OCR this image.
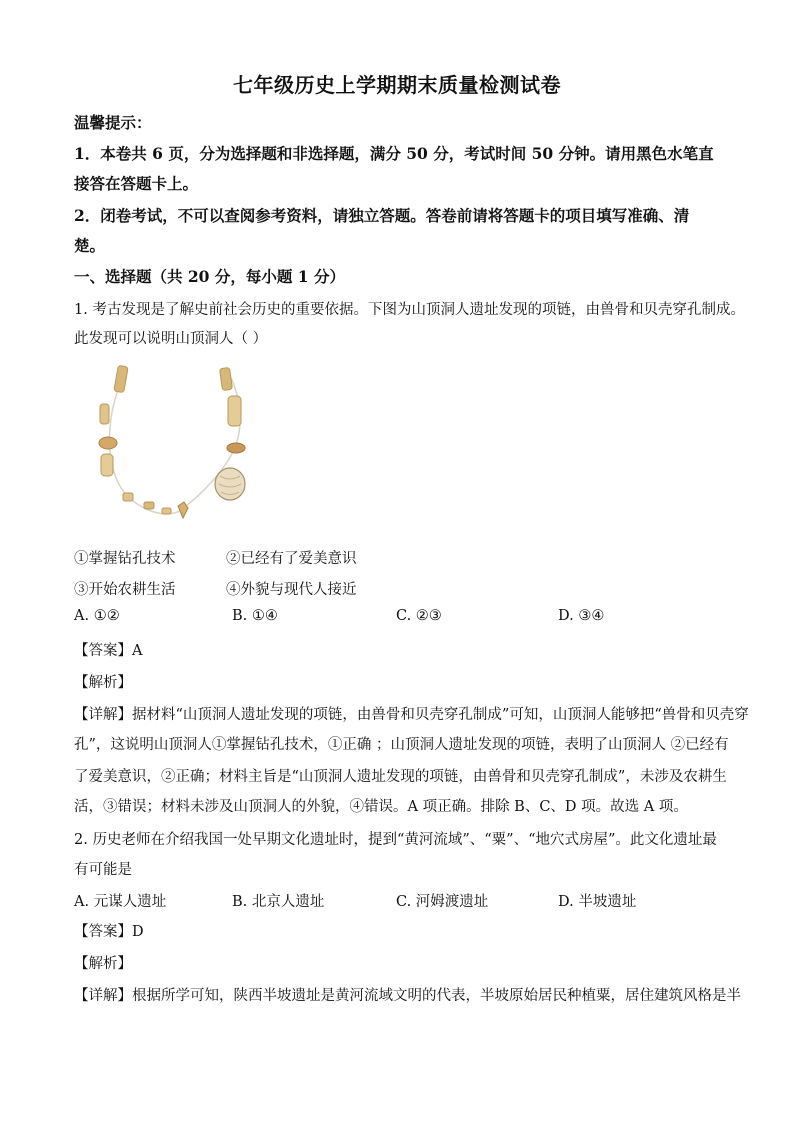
七年级历史上学期期末质量检测试卷
温馨提示：
1．本卷共 6 页，分为选择题和非选择题，满分 50 分，考试时间 50 分钟。请用黑色水笔直
接答在答题卡上。
2．闭卷考试，不可以查阅参考资料，请独立答题。答卷前请将答题卡的项目填写准确、清
楚。
一、选择题（共 20 分，每小题 1 分）
1. 考古发现是了解史前社会历史的重要依据。下图为山顶洞人遗址发现的项链，由兽骨和贝壳穿孔制成。
此发现可以说明山顶洞人（ ）
①掌握钻孔技术	②已经有了爱美意识
③开始农耕生活	④外貌与现代人接近
A. ①②	B. ①④	C. ②③	D. ③④
【答案】A
【解析】
【详解】据材料“山顶洞人遗址发现的项链，由兽骨和贝壳穿孔制成”可知，山顶洞人能够把“兽骨和贝壳穿
孔”，这说明山顶洞人①掌握钻孔技术，①正确 ；山顶洞人遗址发现的项链，表明了山顶洞人 ②已经有
了爱美意识，②正确；材料主旨是“山顶洞人遗址发现的项链，由兽骨和贝壳穿孔制成”，未涉及农耕生
活，③错误；材料未涉及山顶洞人的外貌，④错误。A 项正确。排除 B、C、D 项。故选 A 项。
2. 历史老师在介绍我国一处早期文化遗址时，提到“黄河流域”、“粟”、“地穴式房屋”。此文化遗址最
有可能是
A. 元谋人遗址	B. 北京人遗址	C. 河姆渡遗址	D. 半坡遗址
【答案】D
【解析】
【详解】根据所学可知，陕西半坡遗址是黄河流域文明的代表，半坡原始居民种植粟，居住建筑风格是半
